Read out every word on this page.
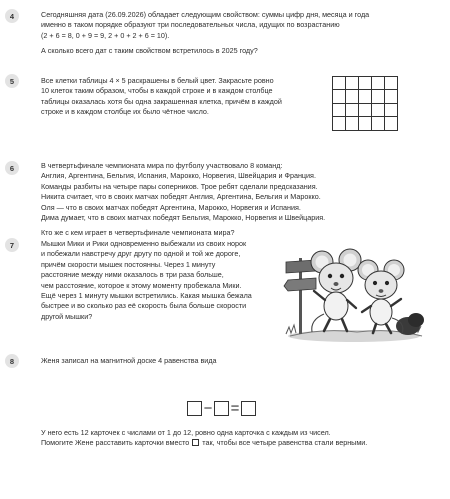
4	Сегодняшняя дата (26.09.2026) обладает следующим свойством: суммы цифр дня, месяца и года

именно в таком порядке образуют три последовательных числа, идущих по возрастанию

(2 + 6 = 8, 0 + 9 = 9, 2 + 0 + 2 + 6 = 10).

А сколько всего дат с таким свойством встретилось в 2025 году?

5	Все клетки таблицы 4 × 5 раскрашены в белый цвет. Закрасьте ровно

10 клеток таким образом, чтобы в каждой строке и в каждом столбце

таблицы оказалась хотя бы одна закрашенная клетка, причём в каждой

строке и в каждом столбце их было чётное число.

6	В четвертьфинале чемпионата мира по футболу участвовало 8 команд:

Англия, Аргентина, Бельгия, Испания, Марокко, Норвегия, Швейцария и Франция.

Команды разбиты на четыре пары соперников. Трое ребят сделали предсказания.

Никита считает, что в своих матчах победят Англия, Аргентина, Бельгия и Марокко.

Оля — что в своих матчах победят Аргентина, Марокко, Норвегия и Испания.

Дима думает, что в своих матчах победят Бельгия, Марокко, Норвегия и Швейцария.

Кто же с кем играет в четвертьфинале чемпионата мира?

7	Мышки Мики и Рики одновременно выбежали из своих норок

и побежали навстречу друг другу по одной и той же дороге,

причём скорости мышек постоянны. Через 1 минуту

расстояние между ними оказалось в три раза больше,

чем расстояние, которое к этому моменту пробежала Мики.

Ещё через 1 минуту мышки встретились. Какая мышка бежала

быстрее и во сколько раз её скорость была больше скорости

другой мышки?

8	Женя записал на магнитной доске 4 равенства вида

− =

У него есть 12 карточек с числами от 1 до 12, ровно одна карточка с каждым из чисел.

Помогите Жене расставить карточки вместо так, чтобы все четыре равенства стали верными.
